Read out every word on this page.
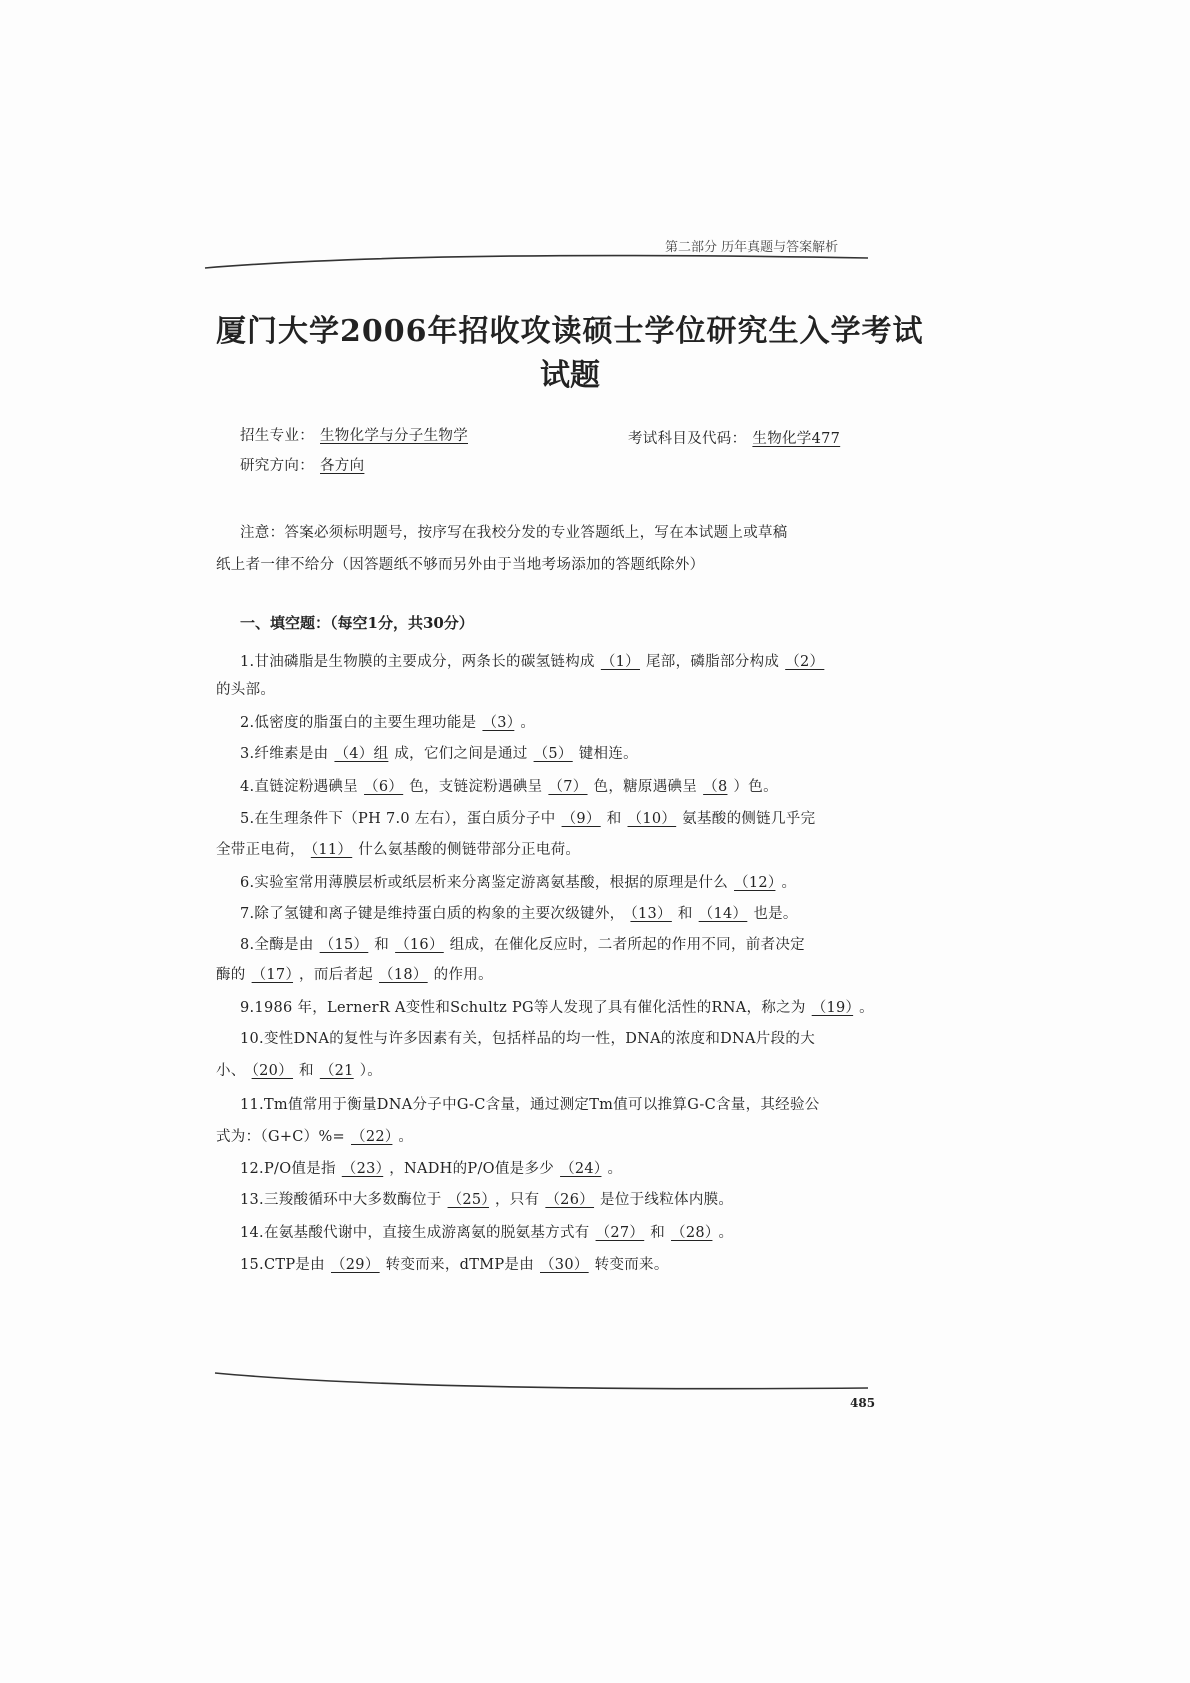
第二部分 历年真题与答案解析
厦门大学2006年招收攻读硕士学位研究生入学考试
试题
招生专业： 生物化学与分子生物学	考试科目及代码： 生物化学477
研究方向： 各方向
注意：答案必须标明题号，按序写在我校分发的专业答题纸上，写在本试题上或草稿
纸上者一律不给分（因答题纸不够而另外由于当地考场添加的答题纸除外）
一、填空题：（每空1分，共30分）
1.甘油磷脂是生物膜的主要成分，两条长的碳氢链构成 （1） 尾部，磷脂部分构成 （2）
的头部。
2.低密度的脂蛋白的主要生理功能是 （3） 。
3.纤维素是由 （4）组 成，它们之间是通过 （5） 键相连。
4.直链淀粉遇碘呈 （6） 色，支链淀粉遇碘呈 （7） 色，糖原遇碘呈 （8 ）色。
5.在生理条件下（PH 7.0 左右），蛋白质分子中 （9） 和 （10） 氨基酸的侧链几乎完
全带正电荷， （11） 什么氨基酸的侧链带部分正电荷。
6.实验室常用薄膜层析或纸层析来分离鉴定游离氨基酸，根据的原理是什么 （12） 。
7.除了氢键和离子键是维持蛋白质的构象的主要次级键外， （13） 和 （14） 也是。
8.全酶是由 （15） 和 （16） 组成，在催化反应时，二者所起的作用不同，前者决定
酶的 （17） ，而后者起 （18） 的作用。
9.1986 年，LernerR A变性和Schultz PG等人发现了具有催化活性的RNA，称之为 （19） 。
10.变性DNA的复性与许多因素有关，包括样品的均一性，DNA的浓度和DNA片段的大
小、 （20） 和 （21 ）。
11.Tm值常用于衡量DNA分子中G-C含量，通过测定Tm值可以推算G-C含量，其经验公
式为：（G+C）%= （22） 。
12.P/O值是指 （23） ，NADH的P/O值是多少 （24） 。
13.三羧酸循环中大多数酶位于 （25） ，只有 （26） 是位于线粒体内膜。
14.在氨基酸代谢中，直接生成游离氨的脱氨基方式有 （27） 和 （28） 。
15.CTP是由 （29） 转变而来，dTMP是由 （30） 转变而来。
485
